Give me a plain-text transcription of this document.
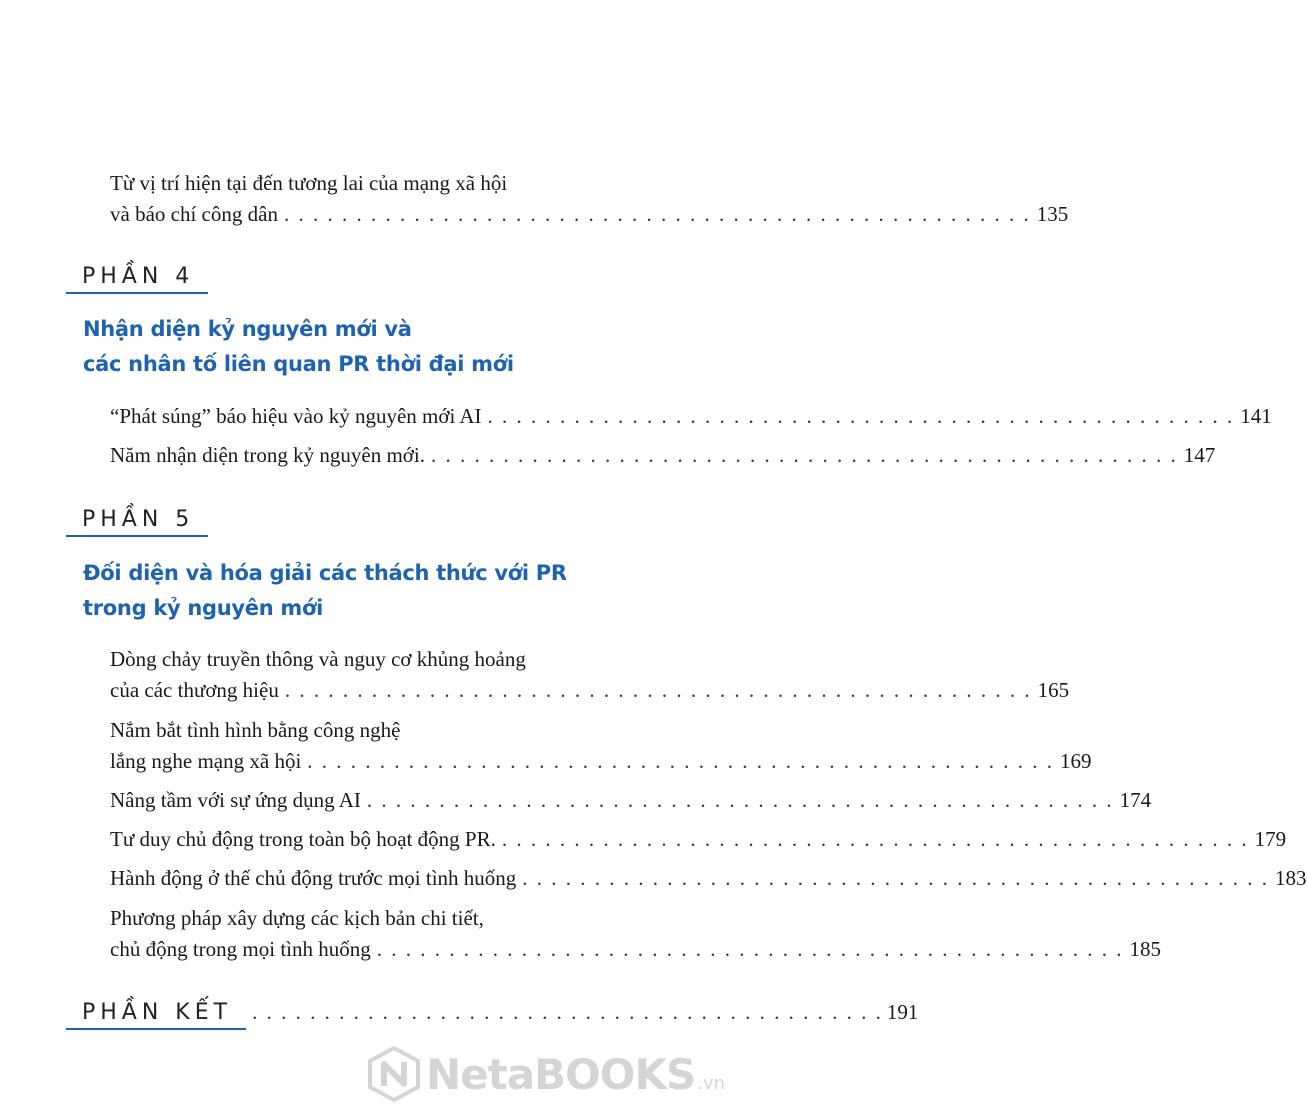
Từ vị trí hiện tại đến tương lai của mạng xã hội
và báo chí công dân . . .	135
PHẦN 4
Nhận diện kỷ nguyên mới và
các nhân tố liên quan PR thời đại mới
“Phát súng” báo hiệu vào kỷ nguyên mới AI . . .	141
Năm nhận diện trong kỷ nguyên mới. . . .	147
PHẦN 5
Đối diện và hóa giải các thách thức với PR
trong kỷ nguyên mới
Dòng chảy truyền thông và nguy cơ khủng hoảng
của các thương hiệu . . .	165
Nắm bắt tình hình bằng công nghệ
lắng nghe mạng xã hội . . .	169
Nâng tầm với sự ứng dụng AI . . .	174
Tư duy chủ động trong toàn bộ hoạt động PR. . . .	179
Hành động ở thế chủ động trước mọi tình huống . . .	183
Phương pháp xây dựng các kịch bản chi tiết,
chủ động trong mọi tình huống . . .	185
PHẦN KẾT . . .	191
NetaBOOKS .vn
